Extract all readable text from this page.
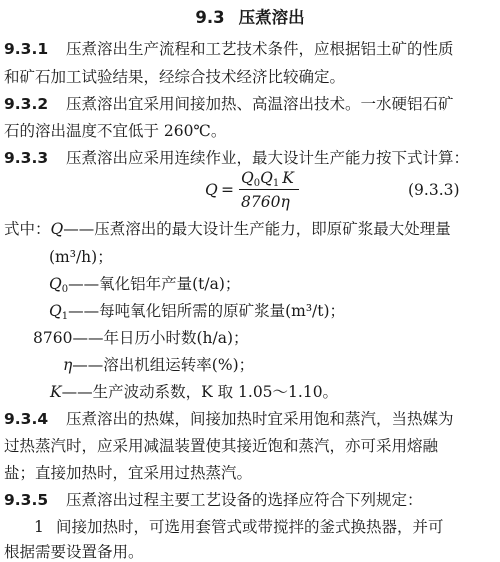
9.3 压煮溶出
9.3.1 压煮溶出生产流程和工艺技术条件，应根据铝土矿的性质
和矿石加工试验结果，经综合技术经济比较确定。
9.3.2 压煮溶出宜采用间接加热、高温溶出技术。一水硬铝石矿
石的溶出温度不宜低于 260℃。
9.3.3 压煮溶出应采用连续作业，最大设计生产能力按下式计算：
Q =
$Q_0Q_1$  K
8760η
(9.3.3)
式中：Q——压煮溶出的最大设计生产能力，即原矿浆最大处理量
(m³/h)；
$Q_0——$氧化铝年产量(t/a)；
$Q_1——$每吨氧化铝所需的原矿浆量(m³/t)；
8760——年日历小时数(h/a)；
η——溶出机组运转率(%)；
K——生产波动系数，K 取 1.05～1.10。
9.3.4 压煮溶出的热媒，间接加热时宜采用饱和蒸汽，当热媒为
过热蒸汽时，应采用减温装置使其接近饱和蒸汽，亦可采用熔融
盐；直接加热时，宜采用过热蒸汽。
9.3.5 压煮溶出过程主要工艺设备的选择应符合下列规定：
1 间接加热时，可选用套管式或带搅拌的釜式换热器，并可
根据需要设置备用。
